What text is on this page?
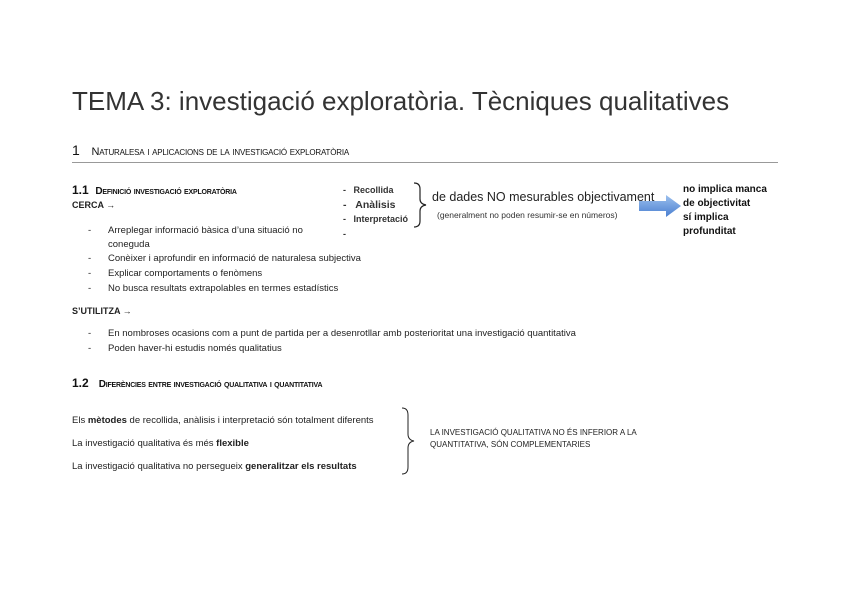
TEMA 3: investigació exploratòria. Tècniques qualitatives
1 Naturalesa i aplicacions de la investigació exploratòria
1.1 Definició investigació exploratòria
CERCA →
- Arreplegar informació bàsica d’una situació no
coneguda
- Conèixer i aprofundir en informació de naturalesa subjectiva
- Explicar comportaments o fenòmens
- No busca resultats extrapolables en termes estadístics
S’UTILITZA →
- En nombroses ocasions com a punt de partida per a desenrotllar amb posterioritat una investigació quantitativa
- Poden haver-hi estudis només qualitatius
-   Recollida
-   Anàlisis
-   Interpretació
-
de dades NO mesurables objectivament
(generalment no poden resumir-se en números)
no implica manca
de objectivitat
sí implica
profunditat
1.2 Diferències entre investigació qualitativa i quantitativa
Els mètodes de recollida, anàlisis i interpretació són totalment diferents
La investigació qualitativa és més flexible
La investigació qualitativa no persegueix generalitzar els resultats
LA INVESTIGACIÓ QUALITATIVA NO ÉS INFERIOR A LA
QUANTITATIVA, SÓN COMPLEMENTARIES
